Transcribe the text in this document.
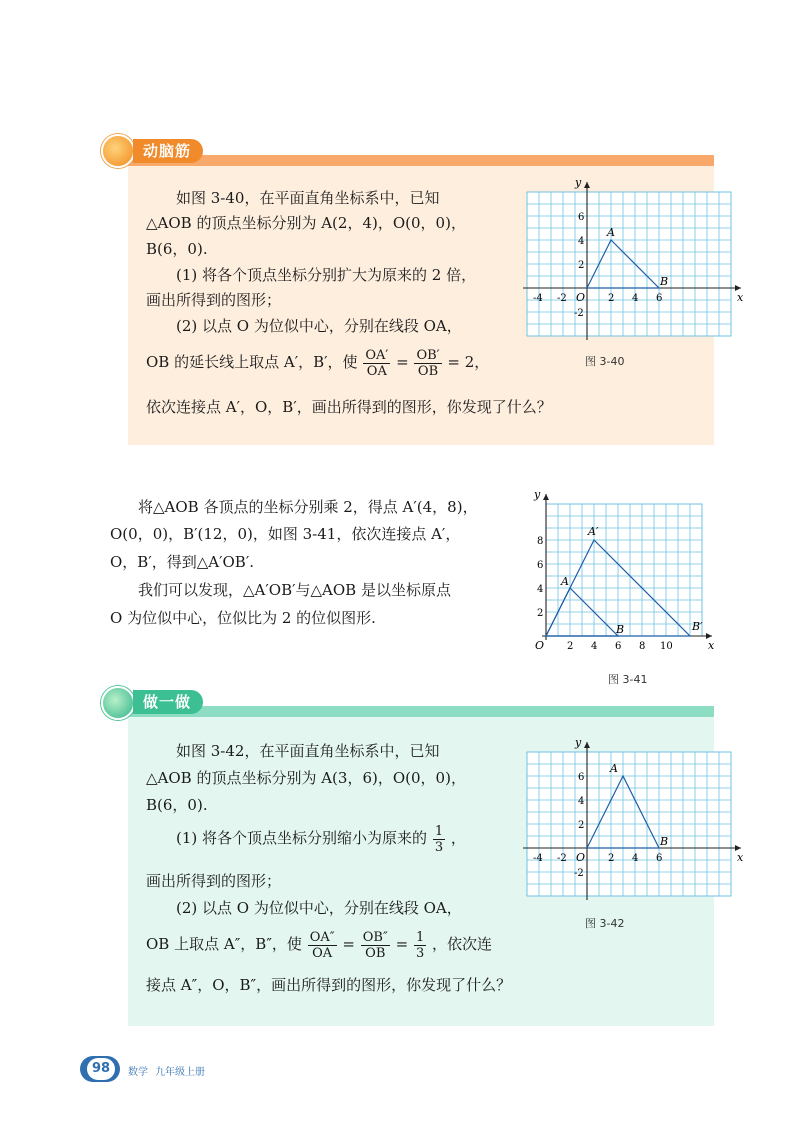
动脑筋
如图 3-40，在平面直角坐标系中，已知
△AOB 的顶点坐标分别为 A(2，4)，O(0，0)，
B(6，0).
(1) 将各个顶点坐标分别扩大为原来的 2 倍，
画出所得到的图形；
(2) 以点 O 为位似中心，分别在线段 OA，
OB 的延长线上取点 A′，B′，使 $\frac{OA'}{OA} = \frac{OB'}{OB} = 2$，
依次连接点 A′，O，B′，画出所得到的图形，你发现了什么？
x
y
O
-4 -2	2 4 6
6
4
2
-2
A
B
图 3-40
将△AOB 各顶点的坐标分别乘 2，得点 A′(4，8)，
O(0，0)，B′(12，0)，如图 3-41，依次连接点 A′，
O，B′，得到△A′OB′.
我们可以发现，△A′OB′与△AOB 是以坐标原点
O 为位似中心，位似比为 2 的位似图形.
x
y
O 2 4 6 8 10
8
6
4
2
A′
A
B	B′
图 3-41
做一做
如图 3-42，在平面直角坐标系中，已知
△AOB 的顶点坐标分别为 A(3，6)，O(0，0)，
B(6，0).
(1) 将各个顶点坐标分别缩小为原来的 $\frac{1}{3}$ ，
画出所得到的图形；
(2) 以点 O 为位似中心，分别在线段 OA，
OB 上取点 A″，B″，使 $\frac{OA''}{OA} = \frac{OB''}{OB} = \frac{1}{3}$ ，依次连
接点 A″，O，B″，画出所得到的图形，你发现了什么？
x
y
O
-4 -2	2 4 6
6
4
2
-2
A
B
图 3-42
98	数学 九年级上册
